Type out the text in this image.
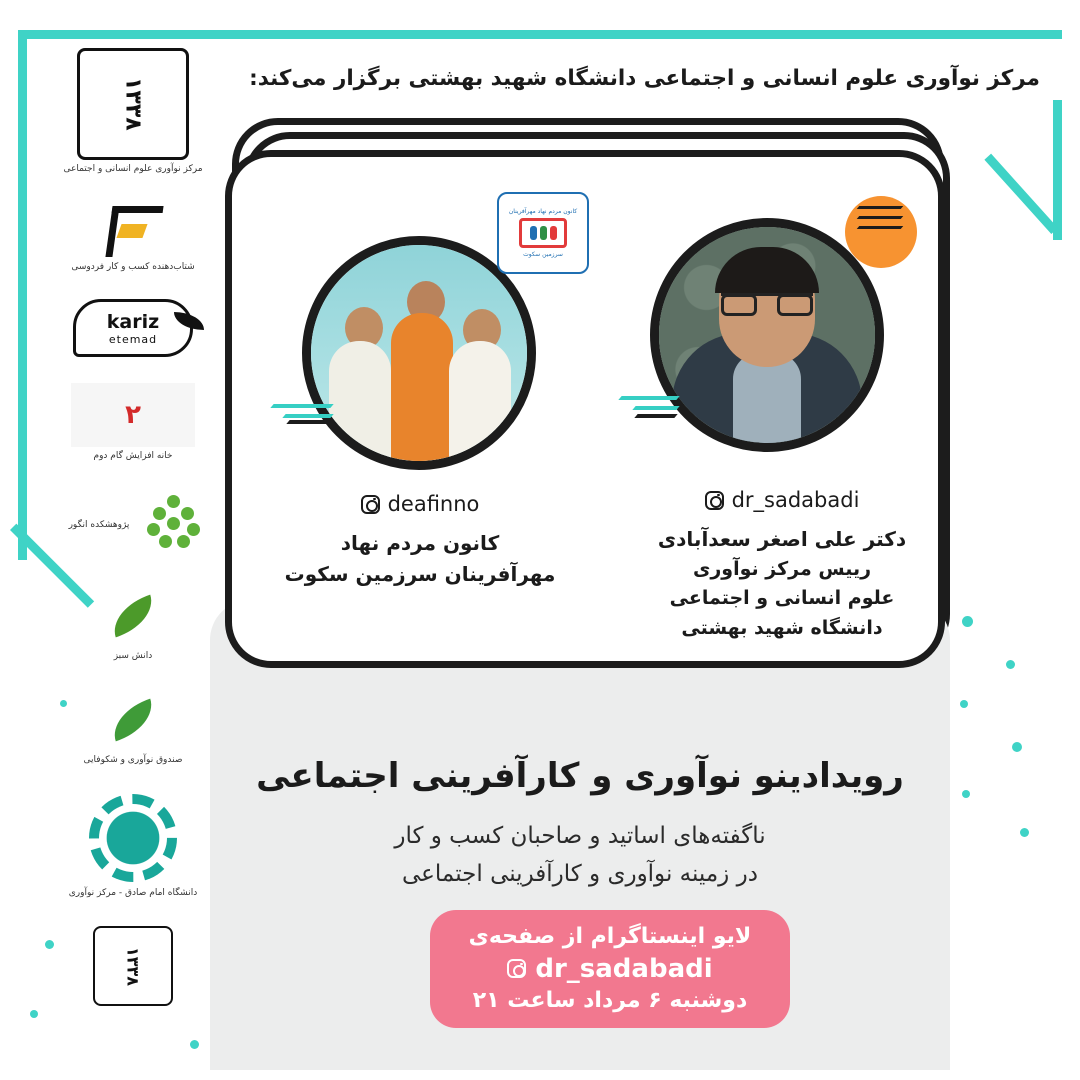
مرکز نوآوری علوم انسانی و اجتماعی دانشگاه شهید بهشتی برگزار می‌کند:
۱۳۳۸
مرکز نوآوری علوم انسانی و اجتماعی
شتاب‌دهنده کسب و کار فردوسی
kariz
etemad
۲
خانه افزایش گام دوم
پژوهشکده انگور
دانش سبز
صندوق نوآوری و شکوفایی
دانشگاه امام صادق - مرکز نوآوری
۱۳۳۸
کانون مردم نهاد مهرآفرینان
سرزمین سکوت
deafinno
کانون مردم نهاد
مهرآفرینان سرزمین سکوت
dr_sadabadi
دکتر علی اصغر سعدآبادی
رییس مرکز نوآوری
علوم انسانی و اجتماعی
دانشگاه شهید بهشتی
رویدادینو نوآوری و کارآفرینی اجتماعی
ناگفته‌های اساتید و صاحبان کسب و کار
در زمینه نوآوری و کارآفرینی اجتماعی
لایو اینستاگرام از صفحه‌ی
dr_sadabadi
دوشنبه ۶ مرداد ساعت ۲۱
